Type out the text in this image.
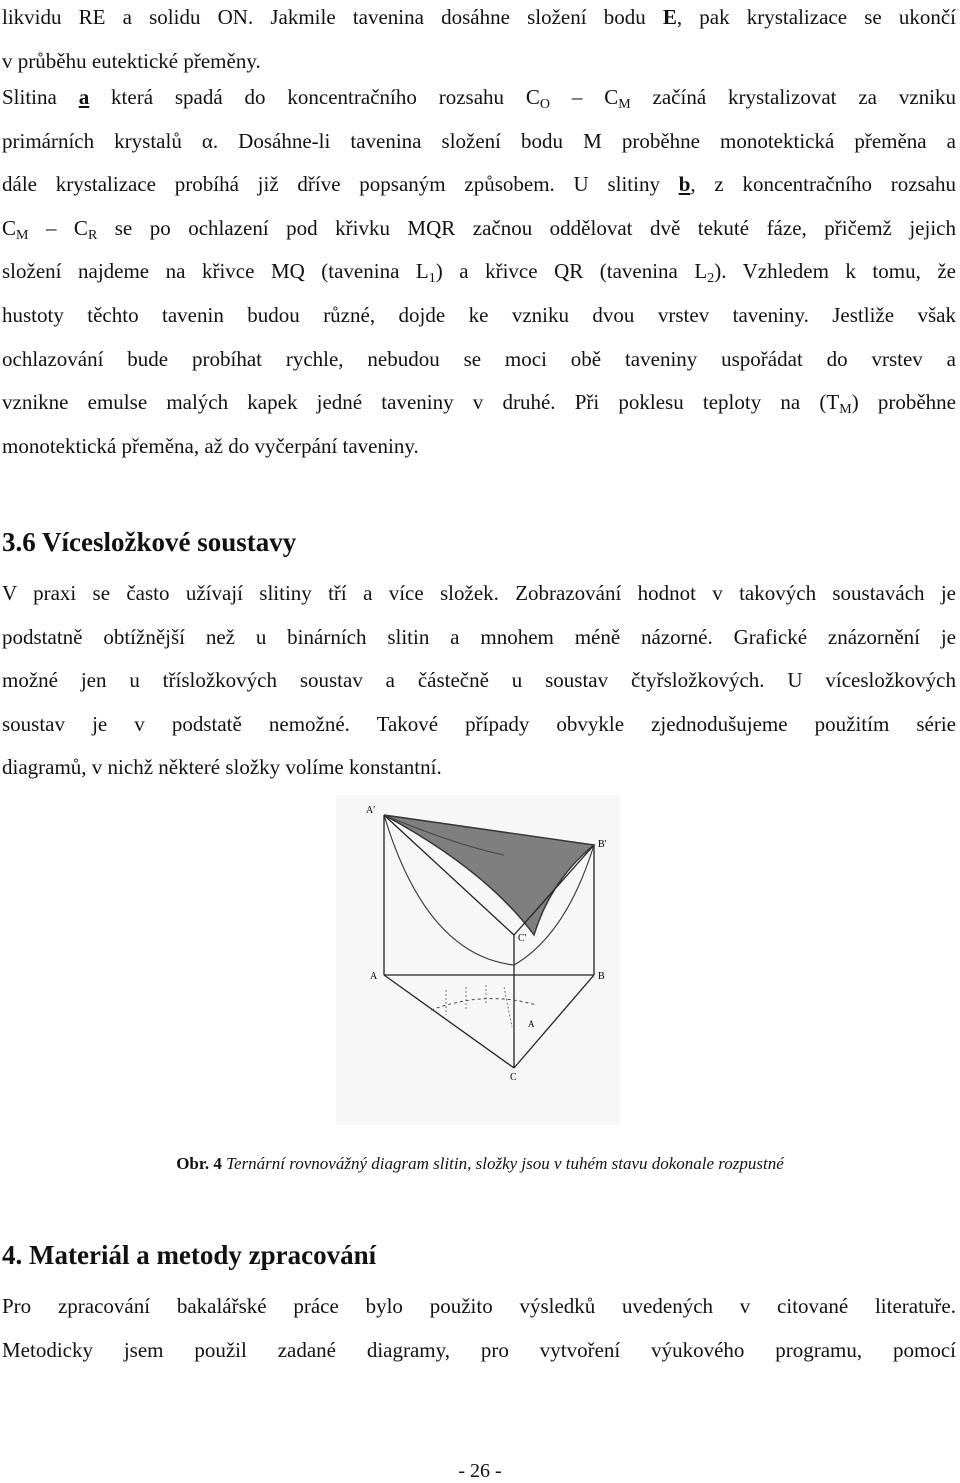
likvidu RE a solidu ON. Jakmile tavenina dosáhne složení bodu E, pak krystalizace se ukončí
v průběhu eutektické přeměny.
Slitina a která spadá do koncentračního rozsahu $C_O - C_M$ začíná krystalizovat za vzniku
primárních krystalů α. Dosáhne-li tavenina složení bodu M proběhne monotektická přeměna a
dále krystalizace probíhá již dříve popsaným způsobem. U slitiny b, z koncentračního rozsahu
$C_M - C_R$ se po ochlazení pod křivku MQR začnou oddělovat dvě tekuté fáze, přičemž jejich
složení najdeme na křivce MQ (tavenina $L_1$) a křivce QR (tavenina $L_2$). Vzhledem k tomu, že
hustoty těchto tavenin budou různé, dojde ke vzniku dvou vrstev taveniny. Jestliže však
ochlazování bude probíhat rychle, nebudou se moci obě taveniny uspořádat do vrstev a
vznikne emulse malých kapek jedné taveniny v druhé. Při poklesu teploty na $(T_M)$ proběhne
monotektická přeměna, až do vyčerpání taveniny.
3.6 Vícesložkové soustavy
V praxi se často užívají slitiny tří a více složek. Zobrazování hodnot v takových soustavách je
podstatně obtížnější než u binárních slitin a mnohem méně názorné. Grafické znázornění je
možné jen u třísložkových soustav a částečně u soustav čtyřsložkových. U vícesložkových
soustav je v podstatě nemožné. Takové případy obvykle zjednodušujeme použitím série
diagramů, v nichž některé složky volíme konstantní.
A'
B'
C'
A	B
C
A
Obr. 4 Ternární rovnovážný diagram slitin, složky jsou v tuhém stavu dokonale rozpustné
4. Materiál a metody zpracování
Pro zpracování bakalářské práce bylo použito výsledků uvedených v citované literatuře.
Metodicky jsem použil zadané diagramy, pro vytvoření výukového programu, pomocí
- 26 -
